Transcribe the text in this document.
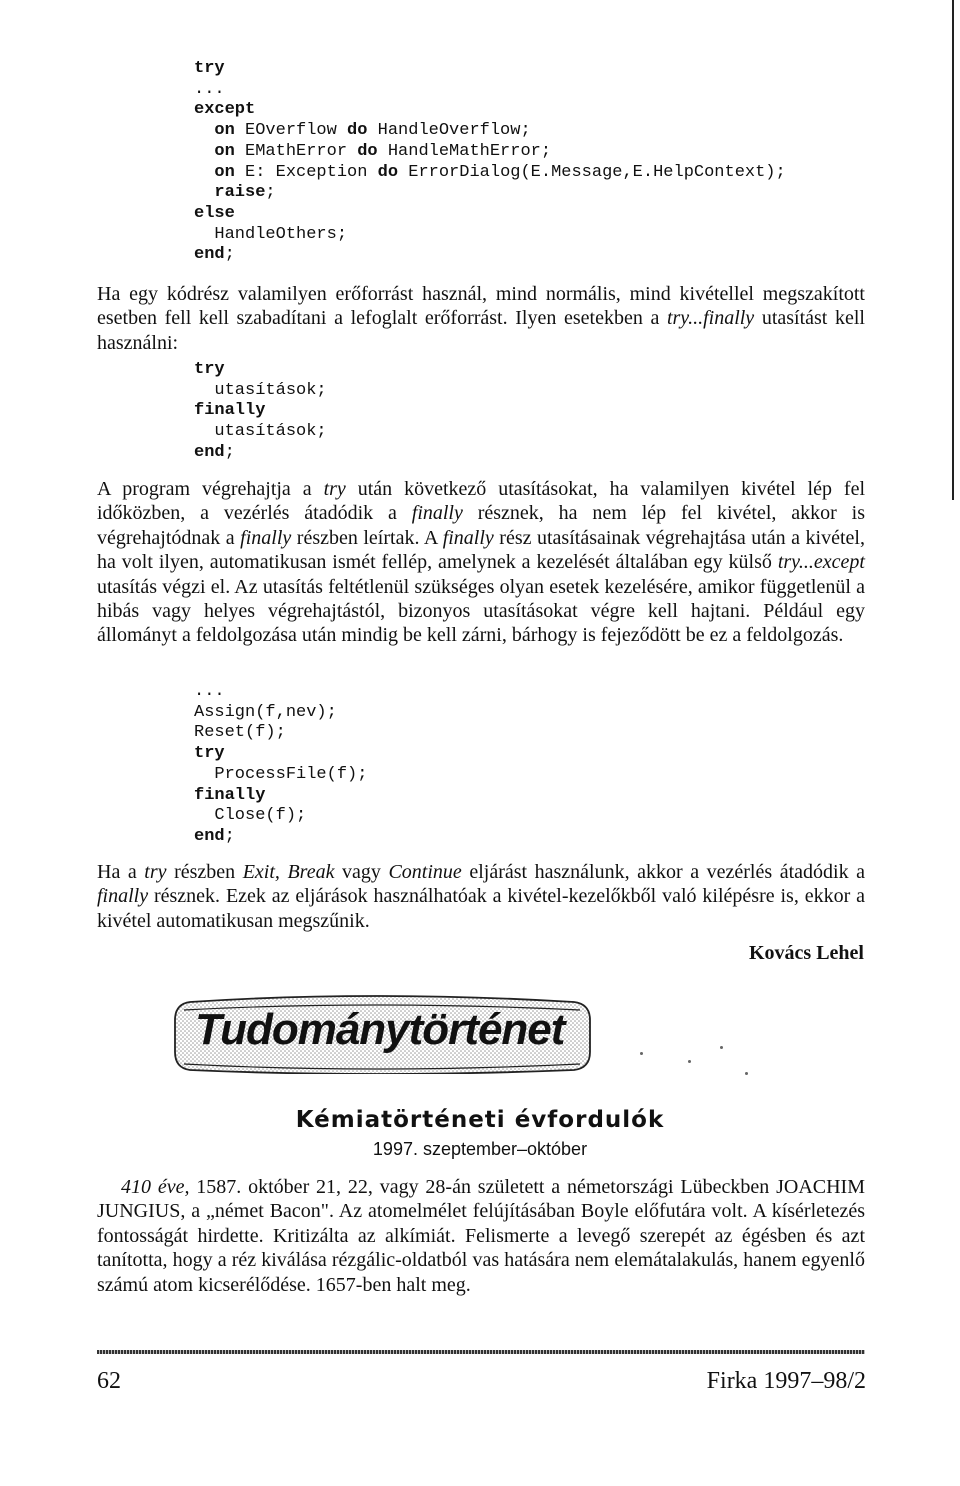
try
...
except
on EOverflow do HandleOverflow;
on EMathError do HandleMathError;
on E: Exception do ErrorDialog(E.Message,E.HelpContext);
raise;
else
HandleOthers;
end;

Ha egy kódrész valamilyen erőforrást használ, mind normális, mind kivétellel megszakított esetben fell kell szabadítani a lefoglalt erőforrást. Ilyen esetekben a try...finally utasítást kell használni:

try
utasítások;
finally
utasítások;
end;

A program végrehajtja a try után következő utasításokat, ha valamilyen kivétel lép fel időközben, a vezérlés átadódik a finally résznek, ha nem lép fel kivétel, akkor is végrehajtódnak a finally részben leírtak. A finally rész utasításainak végrehajtása után a kivétel, ha volt ilyen, automatikusan ismét fellép, amelynek a kezelését általában egy külső try...except utasítás végzi el. Az utasítás feltétlenül szükséges olyan esetek kezelésére, amikor függetlenül a hibás vagy helyes végrehajtástól, bizonyos utasításokat végre kell hajtani. Például egy állományt a feldolgozása után mindig be kell zárni, bárhogy is fejeződött be ez a feldolgozás.

...
Assign(f,nev);
Reset(f);
try
ProcessFile(f);
finally
Close(f);
end;

Ha a try részben Exit, Break vagy Continue eljárást használunk, akkor a vezérlés átadódik a finally résznek. Ezek az eljárások használhatóak a kivétel-kezelőkből való kilépésre is, ekkor a kivétel automatikusan megszűnik.

Kovács Lehel
Tudománytörténet
Kémiatörténeti évfordulók
1997. szeptember–október

410 éve, 1587. október 21, 22, vagy 28-án született a németországi Lübeckben JOACHIM JUNGIUS, a „német Bacon". Az atomelmélet felújításában Boyle előfutára volt. A kísérletezés fontosságát hirdette. Kritizálta az alkímiát. Felismerte a levegő szerepét az égésben és azt tanította, hogy a réz kiválása rézgálic-oldatból vas hatására nem elemátalakulás, hanem egyenlő számú atom kicserélődése. 1657-ben halt meg.

62	Firka 1997–98/2
